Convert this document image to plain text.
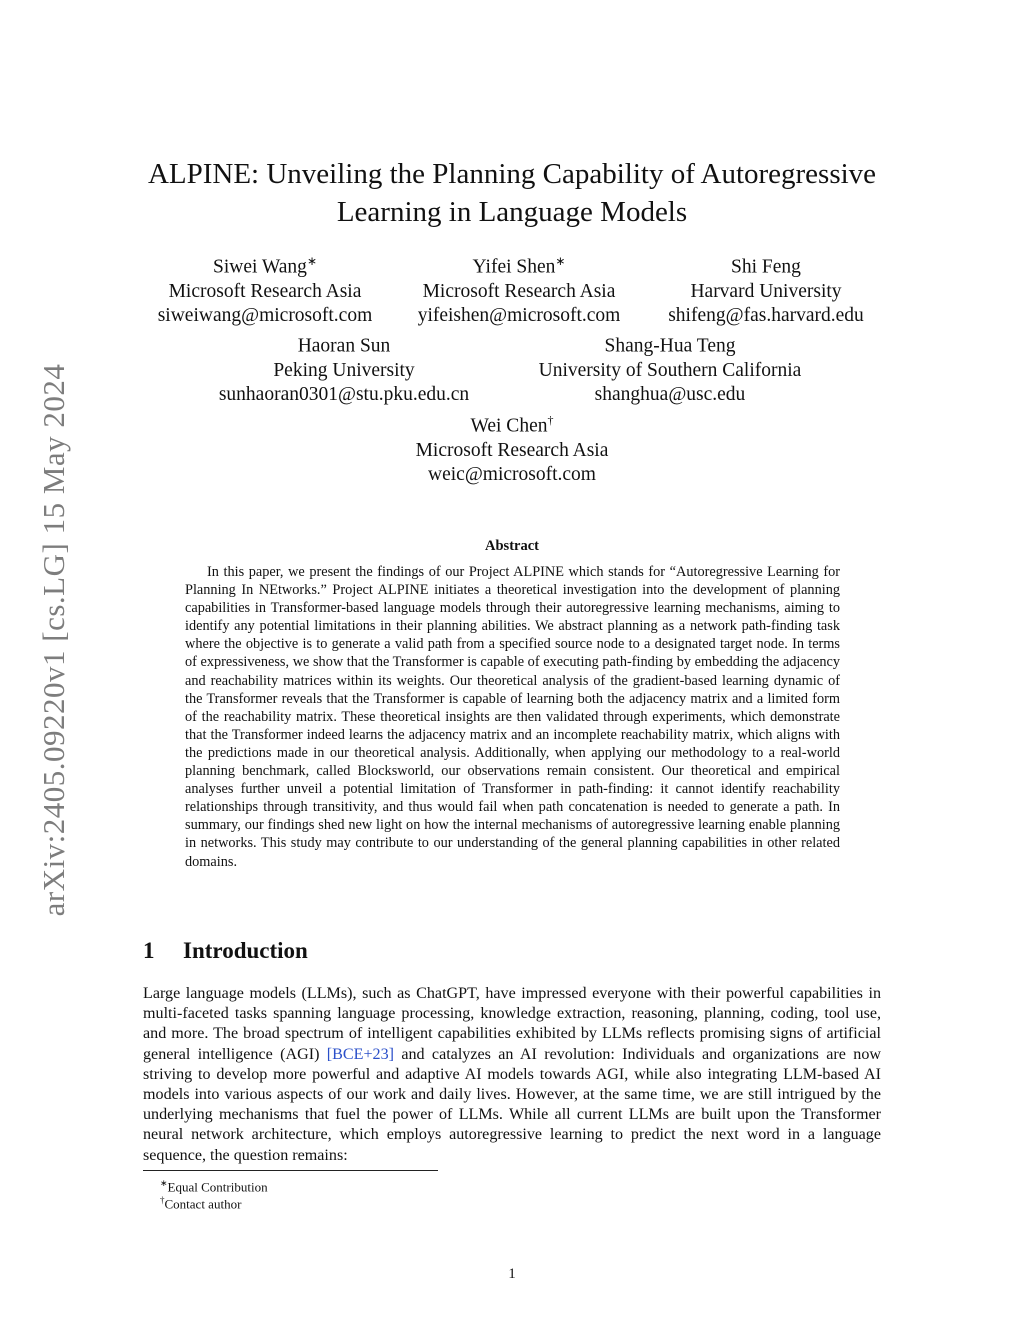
arXiv:2405.09220v1 [cs.LG] 15 May 2024
ALPINE: Unveiling the Planning Capability of Autoregressive Learning in Language Models
Siwei Wang∗
Microsoft Research Asia
siweiwang@microsoft.com
Yifei Shen∗
Microsoft Research Asia
yifeishen@microsoft.com
Shi Feng
Harvard University
shifeng@fas.harvard.edu
Haoran Sun
Peking University
sunhaoran0301@stu.pku.edu.cn
Shang-Hua Teng
University of Southern California
shanghua@usc.edu
Wei Chen†
Microsoft Research Asia
weic@microsoft.com
Abstract
In this paper, we present the findings of our Project ALPINE which stands for “Autoregressive Learning for Planning In NEtworks.” Project ALPINE initiates a theoretical investigation into the development of planning capabilities in Transformer-based language models through their autoregressive learning mechanisms, aiming to identify any potential limitations in their planning abilities. We abstract planning as a network path-finding task where the objective is to generate a valid path from a specified source node to a designated target node. In terms of expressiveness, we show that the Transformer is capable of executing path-finding by embedding the adjacency and reachability matrices within its weights. Our theoretical analysis of the gradient-based learning dynamic of the Transformer reveals that the Transformer is capable of learning both the adjacency matrix and a limited form of the reachability matrix. These theoretical insights are then validated through experiments, which demonstrate that the Transformer indeed learns the adjacency matrix and an incomplete reachability matrix, which aligns with the predictions made in our theoretical analysis. Additionally, when applying our methodology to a real-world planning benchmark, called Blocksworld, our observations remain consistent. Our theoretical and empirical analyses further unveil a potential limitation of Transformer in path-finding: it cannot identify reachability relationships through transitivity, and thus would fail when path concatenation is needed to generate a path. In summary, our findings shed new light on how the internal mechanisms of autoregressive learning enable planning in networks. This study may contribute to our understanding of the general planning capabilities in other related domains.
1 Introduction
Large language models (LLMs), such as ChatGPT, have impressed everyone with their powerful capabilities in multi-faceted tasks spanning language processing, knowledge extraction, reasoning, planning, coding, tool use, and more. The broad spectrum of intelligent capabilities exhibited by LLMs reflects promising signs of artificial general intelligence (AGI) [BCE+23] and catalyzes an AI revolution: Individuals and organizations are now striving to develop more powerful and adaptive AI models towards AGI, while also integrating LLM-based AI models into various aspects of our work and daily lives. However, at the same time, we are still intrigued by the underlying mechanisms that fuel the power of LLMs. While all current LLMs are built upon the Transformer neural network architecture, which employs autoregressive learning to predict the next word in a language sequence, the question remains:
∗Equal Contribution
†Contact author
1
